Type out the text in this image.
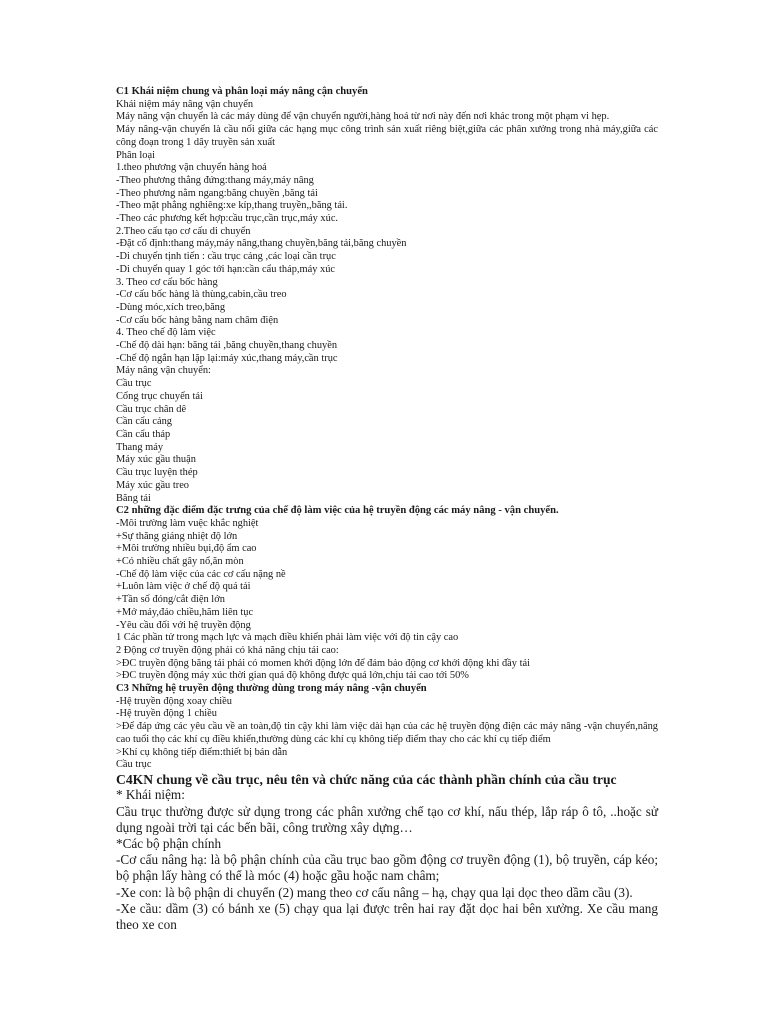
C1 Khái niệm chung và phân loại máy nâng cận chuyển

Khái niệm máy nâng vận chuyển

Máy nâng vận chuyển là các máy dùng để vận chuyển người,hàng hoá từ nơi này đến nơi khác trong một phạm vi hẹp.

Máy nâng-vận chuyển là cầu nối giữa các hạng mục công trình sản xuất riêng biệt,giữa các phân xưởng trong nhà máy,giữa các công đoạn trong 1 dây truyền sản xuất

Phân loại

1.theo phương vận chuyển hàng hoá

-Theo phương thẳng đứng:thang máy,máy nâng

-Theo phương nằm ngang:băng chuyền ,băng tải

-Theo mặt phẳng nghiêng:xe kíp,thang truyền,,băng tải.

-Theo các phương kết hợp:cầu trục,cần trục,máy xúc.

2.Theo cấu tạo cơ cấu di chuyển

-Đặt cố định:thang máy,máy nâng,thang chuyền,băng tải,băng chuyền

-Di chuyển tịnh tiến : cầu trục cảng ,các loại cần trục

-Di chuyển quay 1 góc tới hạn:cần cẩu tháp,máy xúc

3. Theo cơ cấu bốc hàng

-Cơ cấu bốc hàng là thùng,cabin,cầu treo

-Dùng móc,xích treo,băng

-Cơ cấu bốc hàng bằng nam châm điện

4. Theo chế độ làm việc

-Chế độ dài hạn: băng tải ,băng chuyền,thang chuyền

-Chế độ ngắn hạn lặp lại:máy xúc,thang máy,cần trục

Máy nâng vận chuyển:

Cầu trục

Cổng trục chuyển tải

Cầu trục chân dê

Cần cẩu cảng

Cần cẩu tháp

Thang máy

Máy xúc gầu thuận

Cầu trục luyện thép

Máy xúc gầu treo

Băng tải

C2 những đặc điểm đặc trưng của chế độ làm việc của hệ truyền động các máy nâng - vận chuyển.

-Môi trường làm vuệc khắc nghiệt

+Sự thăng giáng nhiệt độ lớn

+Môi trường nhiều bụi,độ ẩm cao

+Có nhiều chất gây nổ,ăn mòn

-Chế độ làm việc của các cơ cấu nặng nề

+Luôn làm việc ở chế độ quá tải

+Tần số đóng/cắt điện lớn

+Mở máy,đảo chiều,hãm liên tục

-Yêu cầu đối với hệ truyền động

1 Các phần tử trong mạch lực và mạch điều khiển phải làm việc với độ tin cậy cao

2 Động cơ truyền động phải có khả năng chịu tải cao:

>ĐC truyền động băng tải phải có momen khởi động lớn để đảm bảo động cơ khởi động khi đầy tải

>ĐC truyền động máy xúc thời gian quá độ không được quá lớn,chịu tải cao tới 50%

C3 Những hệ truyền động thường dùng trong máy nâng -vận chuyển

-Hệ truyền động xoay chiều

-Hệ truyền động 1 chiều

>Để đáp ứng các yêu cầu về an toàn,độ tin cậy khi làm việc dài hạn của các hệ truyền động điện các máy nâng -vận chuyển,nâng cao tuổi thọ các khí cụ điều khiển,thường dùng các khí cụ không tiếp điểm thay cho các khí cụ tiếp điểm

>Khí cụ không tiếp điểm:thiết bị bán dẫn

Cầu trục

C4KN chung về cầu trục, nêu tên và chức năng của các thành phần chính của cầu trục

* Khái niệm:

Cầu trục thường được sử dụng trong các phân xưởng chế tạo cơ khí, nấu thép, lắp ráp ô tô, ..hoặc sử dụng ngoài trời tại các bến bãi, công trường xây dựng…

*Các bộ phận chính

-Cơ cấu nâng hạ: là bộ phận chính của cầu trục bao gồm động cơ truyền động (1), bộ truyền, cáp kéo; bộ phận lấy hàng có thể là móc (4) hoặc gầu hoặc nam châm;

-Xe con: là bộ phận di chuyển (2) mang theo cơ cấu nâng – hạ, chạy qua lại dọc theo dầm cầu (3).

-Xe cầu: dầm (3) có bánh xe (5) chạy qua lại được trên hai ray đặt dọc hai bên xưởng. Xe cầu mang theo xe con
